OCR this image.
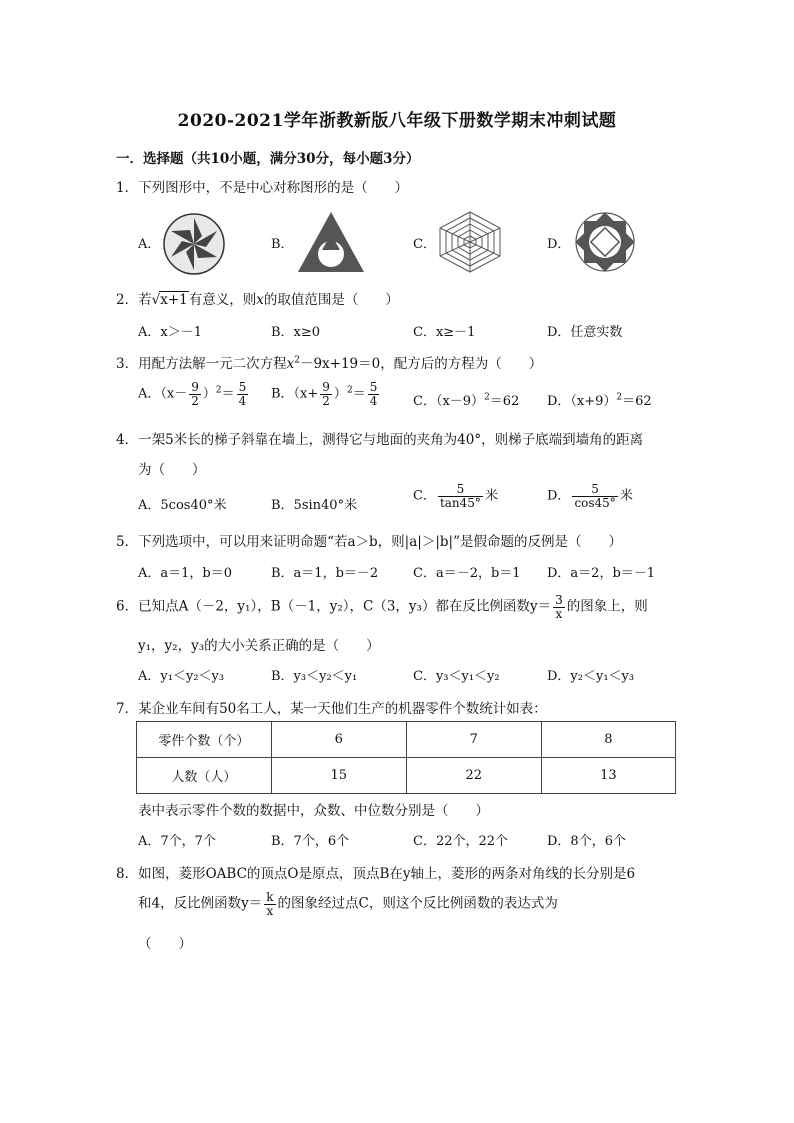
2020-2021学年浙教新版八年级下册数学期末冲刺试题
一．选择题（共10小题，满分30分，每小题3分）
1．下列图形中，不是中心对称图形的是（　　）
A．	B．	C．	D．
2．若√x+1有意义，则x的取值范围是（　　）
A．x＞－1	B．x≥0	C．x≥－1	D．任意实数
3．用配方法解一元二次方程$x^2-9x+19=0$，配方后的方程为（　　）
A．$(x- \frac{9}{2} )^2= \frac{5}{4}$ B．$(x+ \frac{9}{2} )^2= \frac{5}{4}$	C．$(x-9)^2=62$ D．$(x+9)^2=62$
4．一架5米长的梯子斜靠在墙上，测得它与地面的夹角为40°，则梯子底端到墙角的距离
为（　　）
A．5cos40°米	B．5sin40°米
C． $\frac{5}{\tan 45^\circ}$ 米	D． $\frac{5}{\cos 45^\circ}$ 米
5．下列选项中，可以用来证明命题“若a＞b，则|a|＞|b|”是假命题的反例是（　　）
A．a＝1，b＝0	B．a＝1，b＝－2	C．a＝－2，b＝1 D．a＝2，b＝－1
6．已知点A（－2，y₁），B（－1，y₂），C（3，y₃）都在反比例函数$y= \frac{3}{x}$ 的图象上，则
y₁，y₂，y₃的大小关系正确的是（　　）
A．y₁＜y₂＜y₃	B．y₃＜y₂＜y₁	C．y₃＜y₁＜y₂	D．y₂＜y₁＜y₃
7．某企业车间有50名工人，某一天他们生产的机器零件个数统计如表：
零件个数（个）	6	7	8
人数（人）	15	22	13
表中表示零件个数的数据中，众数、中位数分别是（　　）
A．7个，7个	B．7个，6个	C．22个，22个	D．8个，6个
8．如图，菱形OABC的顶点O是原点，顶点B在y轴上，菱形的两条对角线的长分别是6
和4，反比例函数$y= \frac{k}{x}$ 的图象经过点C，则这个反比例函数的表达式为
（　　）
